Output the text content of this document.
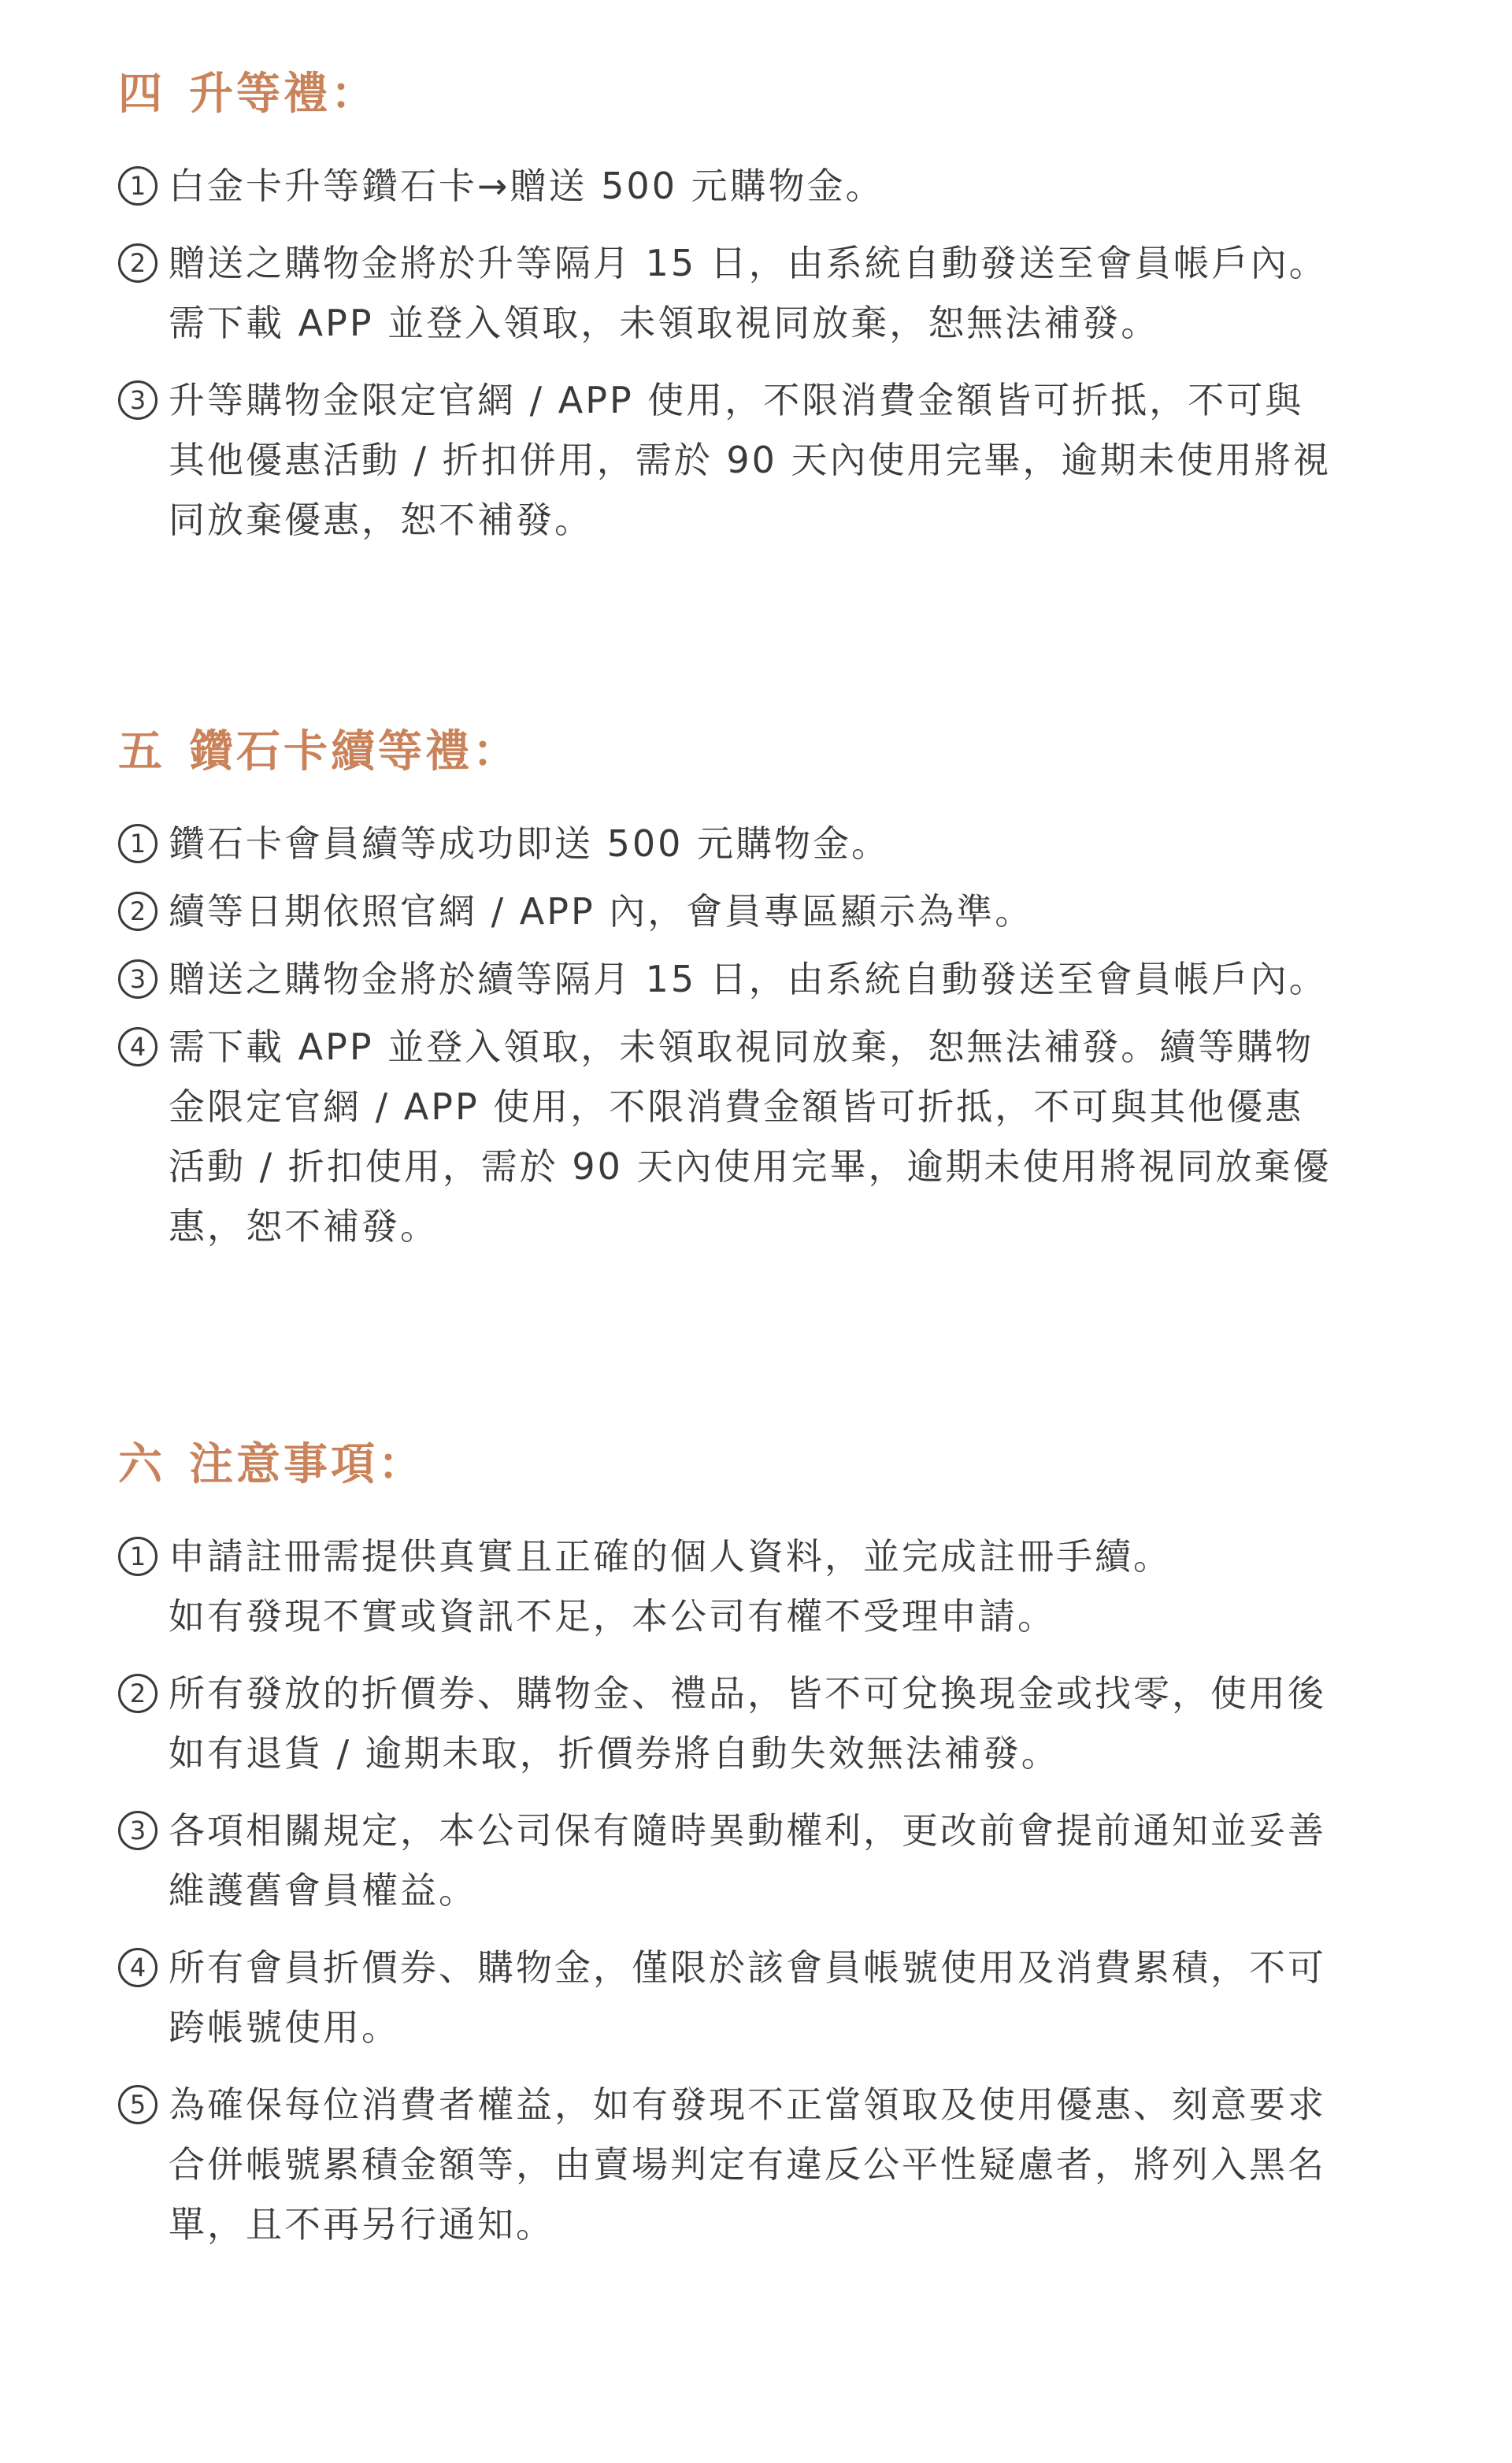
四 升等禮：
1 白金卡升等鑽石卡→贈送 500 元購物金。
2 贈送之購物金將於升等隔月 15 日，由系統自動發送至會員帳戶內。
需下載 APP 並登入領取，未領取視同放棄，恕無法補發。
3 升等購物金限定官網 / APP 使用，不限消費金額皆可折抵，不可與
其他優惠活動 / 折扣併用，需於 90 天內使用完畢，逾期未使用將視
同放棄優惠，恕不補發。
五 鑽石卡續等禮：
1 鑽石卡會員續等成功即送 500 元購物金。
2 續等日期依照官網 / APP 內，會員專區顯示為準。
3 贈送之購物金將於續等隔月 15 日，由系統自動發送至會員帳戶內。
4 需下載 APP 並登入領取，未領取視同放棄，恕無法補發。續等購物
金限定官網 / APP 使用，不限消費金額皆可折抵，不可與其他優惠
活動 / 折扣使用，需於 90 天內使用完畢，逾期未使用將視同放棄優
惠，恕不補發。
六 注意事項：
1 申請註冊需提供真實且正確的個人資料，並完成註冊手續。
如有發現不實或資訊不足，本公司有權不受理申請。
2 所有發放的折價券、購物金、禮品，皆不可兌換現金或找零，使用後
如有退貨 / 逾期未取，折價券將自動失效無法補發。
3 各項相關規定，本公司保有隨時異動權利，更改前會提前通知並妥善
維護舊會員權益。
4 所有會員折價券、購物金，僅限於該會員帳號使用及消費累積，不可
跨帳號使用。
5 為確保每位消費者權益，如有發現不正當領取及使用優惠、刻意要求
合併帳號累積金額等，由賣場判定有違反公平性疑慮者，將列入黑名
單，且不再另行通知。
